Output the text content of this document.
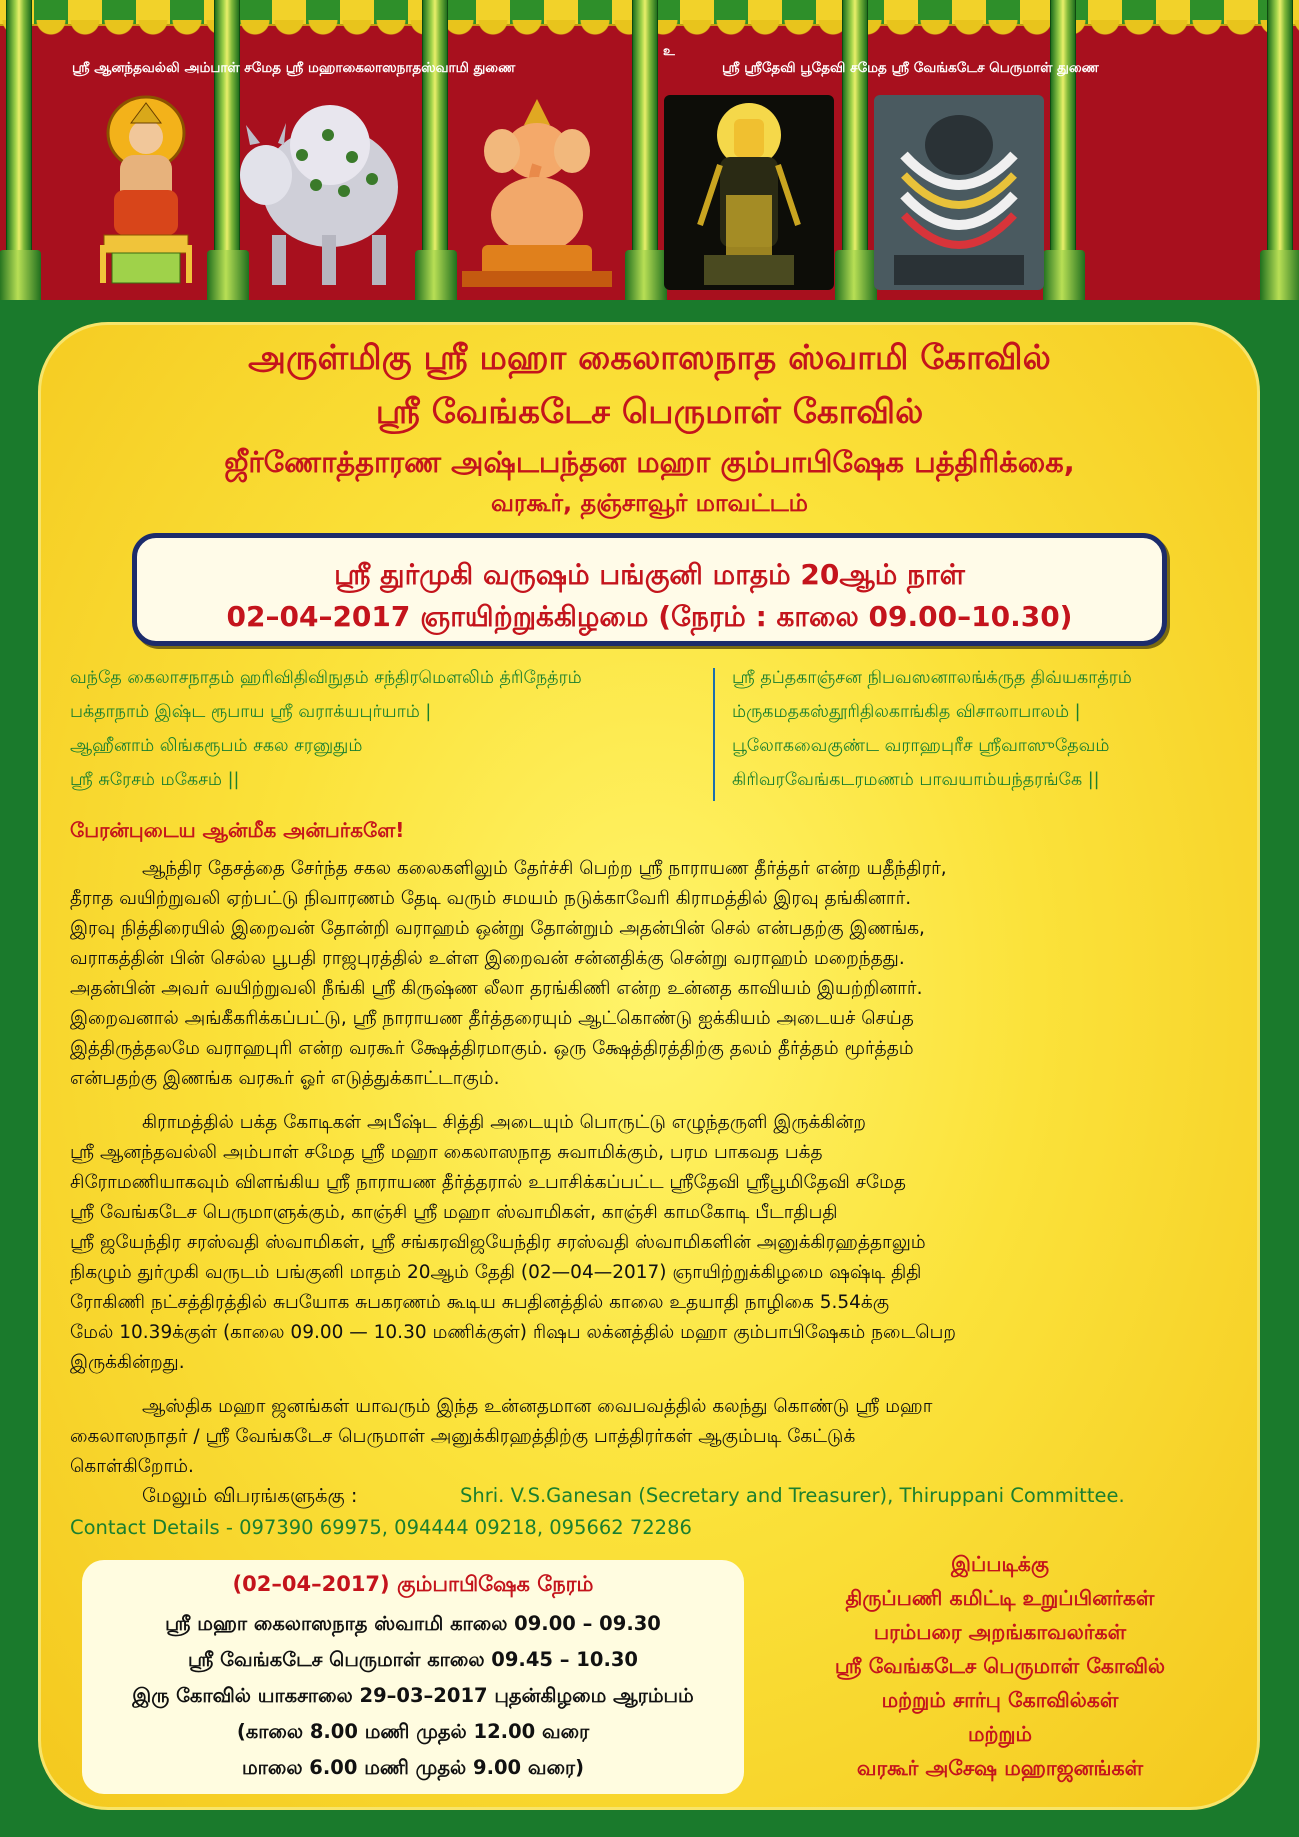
உ
ஸ்ரீ ஆனந்தவல்லி அம்பாள் சமேத ஸ்ரீ மஹாகைலாஸநாதஸ்வாமி துணை	ஸ்ரீ ஸ்ரீதேவி பூதேவி சமேத ஸ்ரீ வேங்கடேச பெருமாள் துணை
அருள்மிகு ஸ்ரீ மஹா கைலாஸநாத ஸ்வாமி கோவில்
ஸ்ரீ வேங்கடேச பெருமாள் கோவில்
ஜீர்ணோத்தாரண அஷ்டபந்தன மஹா கும்பாபிஷேக பத்திரிக்கை,
வரகூர், தஞ்சாவூர் மாவட்டம்
ஸ்ரீ துர்முகி வருஷம் பங்குனி மாதம் 20ஆம் நாள்
02–04–2017 ஞாயிற்றுக்கிழமை (நேரம் : காலை 09.00–10.30)
வந்தே கைலாசநாதம் ஹரிவிதிவிநுதம் சந்திரமௌலிம் த்ரிநேத்ரம்
பக்தாநாம் இஷ்ட ரூபாய ஸ்ரீ வராக்யபுர்யாம் |
ஆஹீனாம் லிங்கரூபம் சகல சரனுதும்
ஸ்ரீ சுரேசம் மகேசம் ||
ஸ்ரீ தப்தகாஞ்சன நிபவஸனாலங்க்ருத திவ்யகாத்ரம்
ம்ருகமதகஸ்தூரிதிலகாங்கித விசாலாபாலம் |
பூலோகவைகுண்ட வராஹபுரீச ஸ்ரீவாஸுதேவம்
கிரிவரவேங்கடரமணம் பாவயாம்யந்தரங்கே ||
பேரன்புடைய ஆன்மீக அன்பர்களே!
ஆந்திர தேசத்தை சேர்ந்த சகல கலைகளிலும் தேர்ச்சி பெற்ற ஸ்ரீ நாராயண தீர்த்தர் என்ற யதீந்திரர்,
தீராத வயிற்றுவலி ஏற்பட்டு நிவாரணம் தேடி வரும் சமயம் நடுக்காவேரி கிராமத்தில் இரவு தங்கினார்.
இரவு நித்திரையில் இறைவன் தோன்றி வராஹம் ஒன்று தோன்றும் அதன்பின் செல் என்பதற்கு இணங்க,
வராகத்தின் பின் செல்ல பூபதி ராஜபுரத்தில் உள்ள இறைவன் சன்னதிக்கு சென்று வராஹம் மறைந்தது.
அதன்பின் அவர் வயிற்றுவலி நீங்கி ஸ்ரீ கிருஷ்ண லீலா தரங்கிணி என்ற உன்னத காவியம் இயற்றினார்.
இறைவனால் அங்கீகரிக்கப்பட்டு, ஸ்ரீ நாராயண தீர்த்தரையும் ஆட்கொண்டு ஐக்கியம் அடையச் செய்த
இத்திருத்தலமே வராஹபுரி என்ற வரகூர் க்ஷேத்திரமாகும். ஒரு க்ஷேத்திரத்திற்கு தலம் தீர்த்தம் மூர்த்தம்
என்பதற்கு இணங்க வரகூர் ஓர் எடுத்துக்காட்டாகும்.
கிராமத்தில் பக்த கோடிகள் அபீஷ்ட சித்தி அடையும் பொருட்டு எழுந்தருளி இருக்கின்ற
ஸ்ரீ ஆனந்தவல்லி அம்பாள் சமேத ஸ்ரீ மஹா கைலாஸநாத சுவாமிக்கும், பரம பாகவத பக்த
சிரோமணியாகவும் விளங்கிய ஸ்ரீ நாராயண தீர்த்தரால் உபாசிக்கப்பட்ட ஸ்ரீதேவி ஸ்ரீபூமிதேவி சமேத
ஸ்ரீ வேங்கடேச பெருமாளுக்கும், காஞ்சி ஸ்ரீ மஹா ஸ்வாமிகள், காஞ்சி காமகோடி பீடாதிபதி
ஸ்ரீ ஜயேந்திர சரஸ்வதி ஸ்வாமிகள், ஸ்ரீ சங்கரவிஜயேந்திர சரஸ்வதி ஸ்வாமிகளின் அனுக்கிரஹத்தாலும்
நிகழும் துர்முகி வருடம் பங்குனி மாதம் 20ஆம் தேதி (02—04—2017) ஞாயிற்றுக்கிழமை ஷஷ்டி திதி
ரோகிணி நட்சத்திரத்தில் சுபயோக சுபகரணம் கூடிய சுபதினத்தில் காலை உதயாதி நாழிகை 5.54க்கு
மேல் 10.39க்குள் (காலை 09.00 — 10.30 மணிக்குள்) ரிஷப லக்னத்தில் மஹா கும்பாபிஷேகம் நடைபெற
இருக்கின்றது.
ஆஸ்திக மஹா ஜனங்கள் யாவரும் இந்த உன்னதமான வைபவத்தில் கலந்து கொண்டு ஸ்ரீ மஹா
கைலாஸநாதர் / ஸ்ரீ வேங்கடேச பெருமாள் அனுக்கிரஹத்திற்கு பாத்திரர்கள் ஆகும்படி கேட்டுக்
கொள்கிறோம்.
மேலும் விபரங்களுக்கு :	Shri. V.S.Ganesan (Secretary and Treasurer), Thiruppani Committee.
Contact Details - 097390 69975, 094444 09218, 095662 72286
(02–04–2017) கும்பாபிஷேக நேரம்
ஸ்ரீ மஹா கைலாஸநாத ஸ்வாமி காலை 09.00 – 09.30
ஸ்ரீ வேங்கடேச பெருமாள் காலை 09.45 – 10.30
இரு கோவில் யாகசாலை 29–03–2017 புதன்கிழமை ஆரம்பம்
(காலை 8.00 மணி முதல் 12.00 வரை
மாலை 6.00 மணி முதல் 9.00 வரை)
இப்படிக்கு
திருப்பணி கமிட்டி உறுப்பினர்கள்
பரம்பரை அறங்காவலர்கள்
ஸ்ரீ வேங்கடேச பெருமாள் கோவில்
மற்றும் சார்பு கோவில்கள்
மற்றும்
வரகூர் அசேஷ மஹாஜனங்கள்
